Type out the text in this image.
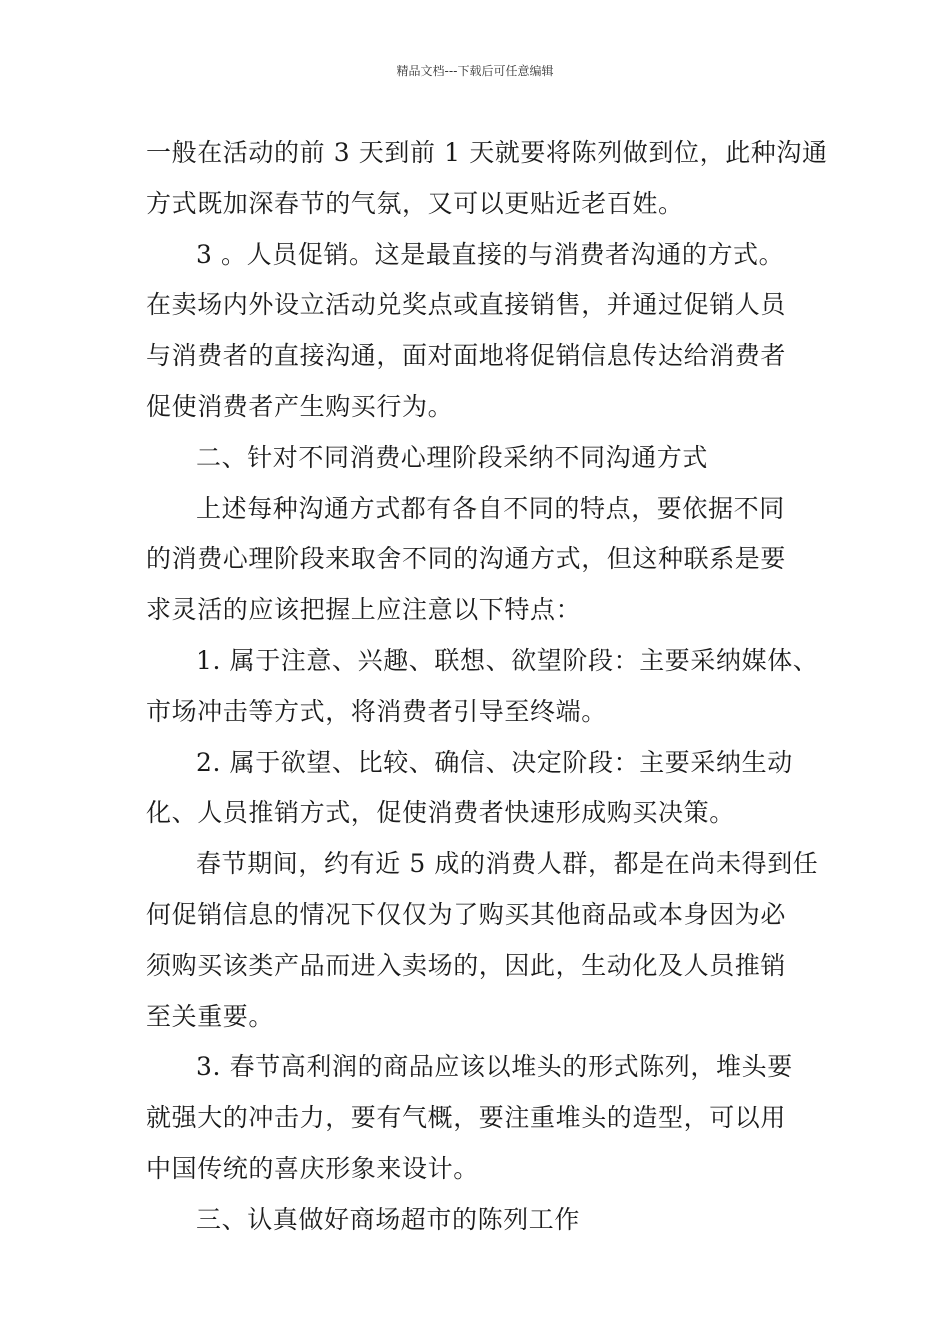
精品文档---下载后可任意编辑
一般在活动的前 3 天到前 1 天就要将陈列做到位，此种沟通
方式既加深春节的气氛，又可以更贴近老百姓。
3 。人员促销。这是最直接的与消费者沟通的方式。
在卖场内外设立活动兑奖点或直接销售，并通过促销人员
与消费者的直接沟通，面对面地将促销信息传达给消费者
促使消费者产生购买行为。
二、针对不同消费心理阶段采纳不同沟通方式
上述每种沟通方式都有各自不同的特点，要依据不同
的消费心理阶段来取舍不同的沟通方式，但这种联系是要
求灵活的应该把握上应注意以下特点：
1. 属于注意、兴趣、联想、欲望阶段：主要采纳媒体、
市场冲击等方式，将消费者引导至终端。
2. 属于欲望、比较、确信、决定阶段：主要采纳生动
化、人员推销方式，促使消费者快速形成购买决策。
春节期间，约有近 5 成的消费人群，都是在尚未得到任
何促销信息的情况下仅仅为了购买其他商品或本身因为必
须购买该类产品而进入卖场的，因此，生动化及人员推销
至关重要。
3. 春节高利润的商品应该以堆头的形式陈列，堆头要
就强大的冲击力，要有气概，要注重堆头的造型，可以用
中国传统的喜庆形象来设计。
三、认真做好商场超市的陈列工作
